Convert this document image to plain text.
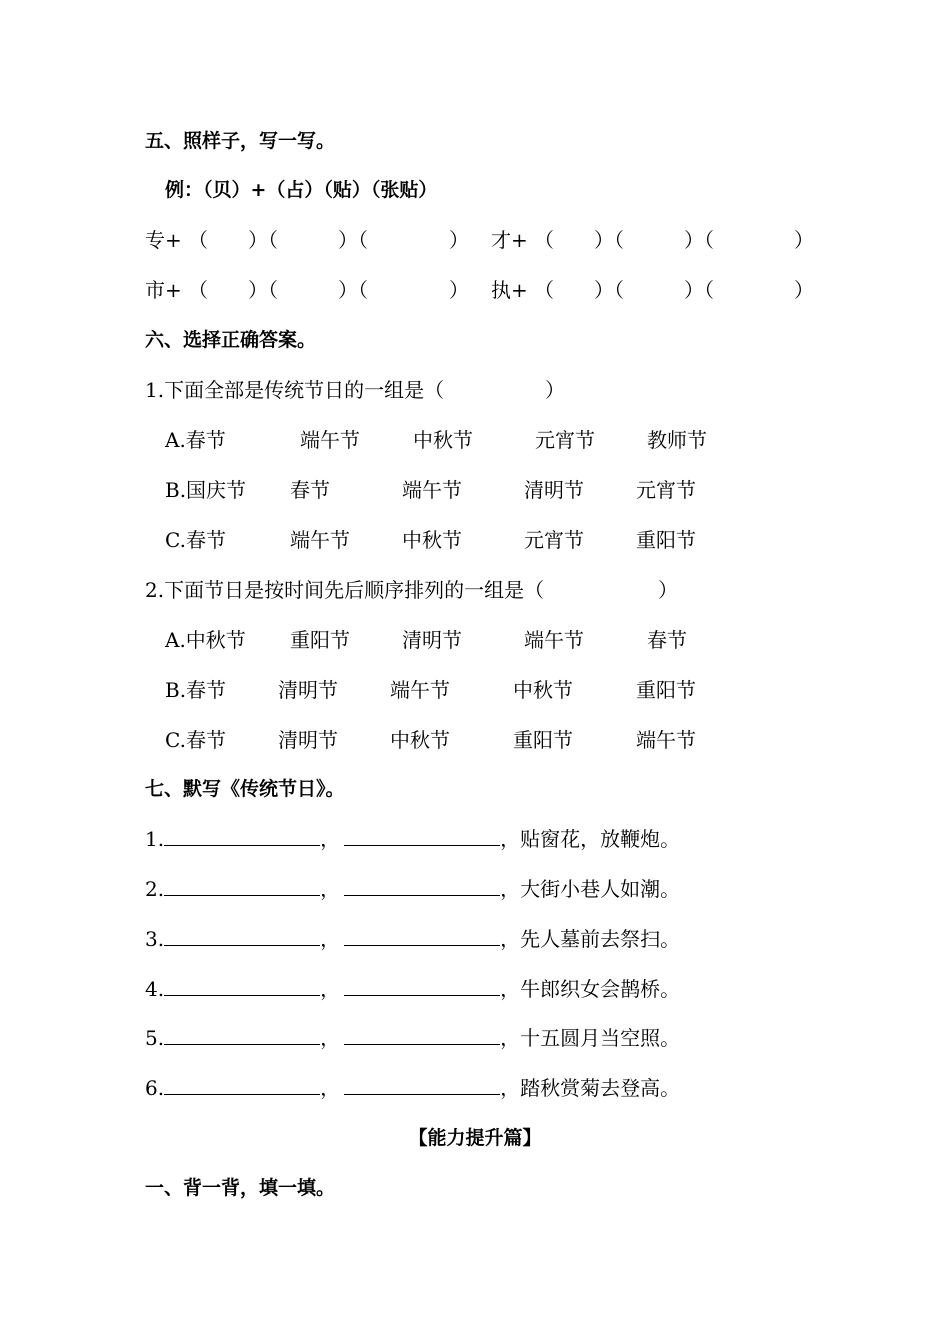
五、照样子，写一写。
例：（贝）+（占）（贴）（张贴）
专+ （ ）（	）（	） 才+ （ ）（	）（	）
市+ （ ）（	）（	） 执+ （ ）（	）（	）
六、选择正确答案。
1.下面全部是传统节日的一组是（	）
A.春节	端午节	中秋节	元宵节	教师节
B.国庆节 春节	端午节	清明节	元宵节
C.春节	端午节	中秋节	元宵节	重阳节
2.下面节日是按时间先后顺序排列的一组是（	）
A.中秋节 重阳节	清明节	端午节	春节
B.春节	清明节	端午节	中秋节	重阳节
C.春节	清明节	中秋节	重阳节	端午节
七、默写《传统节日》。
1.	，	，贴窗花，放鞭炮。
2.	，	，大街小巷人如潮。
3.	，	，先人墓前去祭扫。
4.	，	，牛郎织女会鹊桥。
5.	，	，十五圆月当空照。
6.	，	，踏秋赏菊去登高。
【能力提升篇】
一、背一背，填一填。
